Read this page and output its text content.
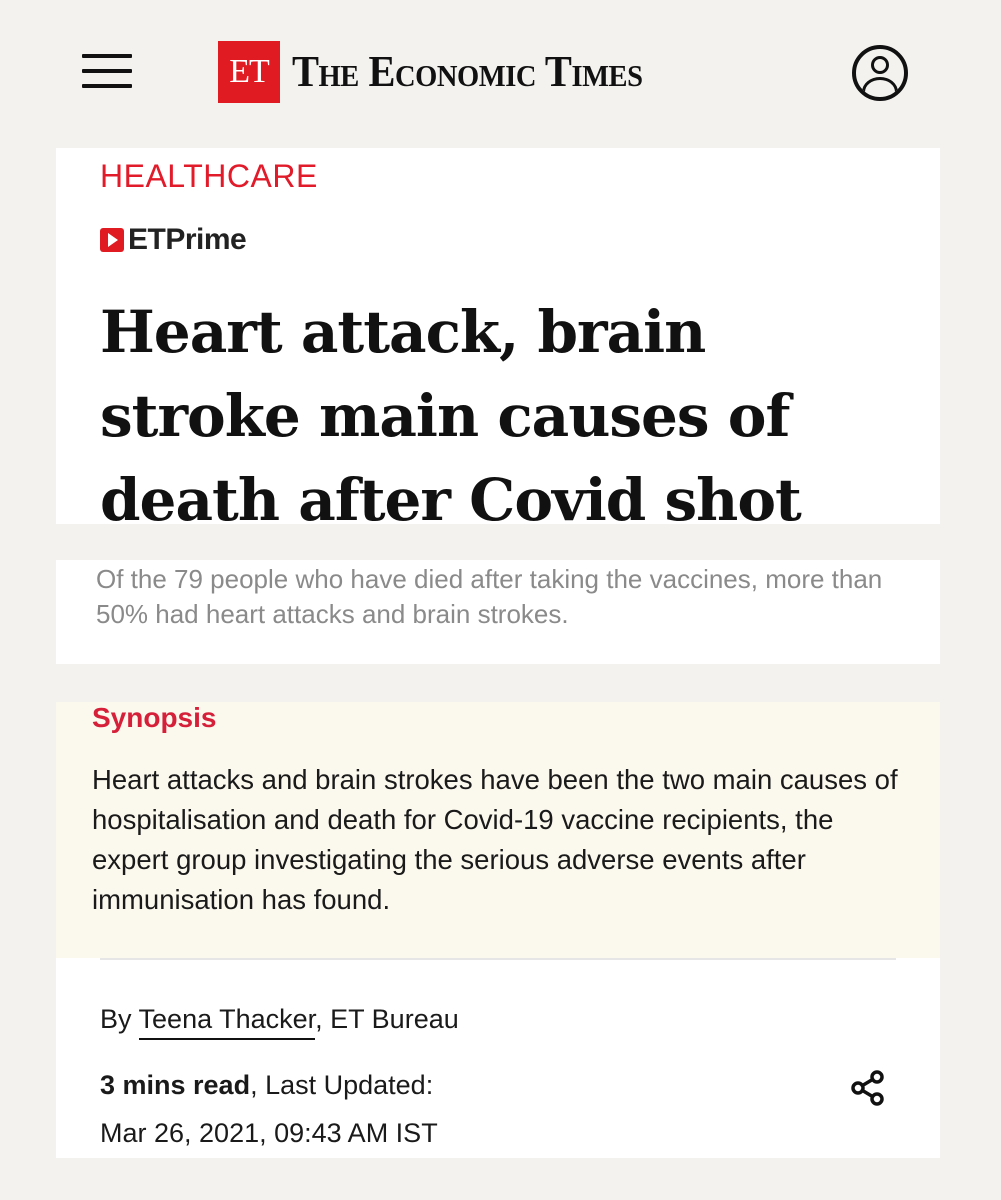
ET The Economic Times
HEALTHCARE
ETPrime
Heart attack, brain stroke main causes of death after Covid shot

Of the 79 people who have died after taking the vaccines, more than 50% had heart attacks and brain strokes.

Synopsis

Heart attacks and brain strokes have been the two main causes of hospitalisation and death for Covid-19 vaccine recipients, the expert group investigating the serious adverse events after immunisation has found.

By Teena Thacker, ET Bureau
3 mins read, Last Updated:
Mar 26, 2021, 09:43 AM IST
